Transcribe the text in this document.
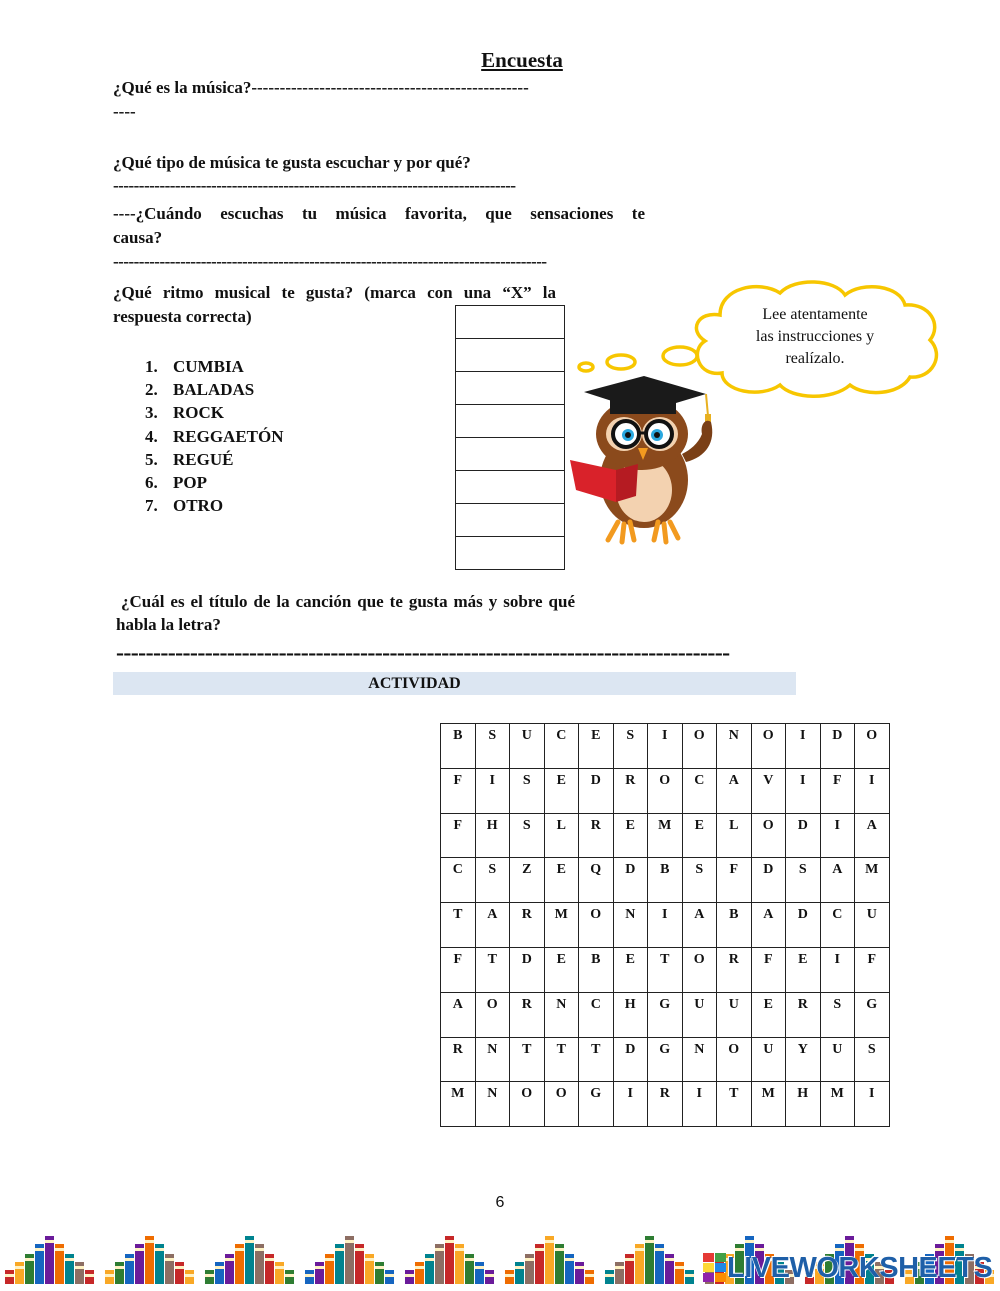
Encuesta
¿Qué es la música?-------------------------------------------------
----
¿Qué tipo de música te gusta escuchar y por qué?
------------------------------------------------------------------------------
----¿Cuándo escuchas tu música favorita, que sensaciones te
causa?
------------------------------------------------------------------------------------
¿Qué ritmo musical te gusta? (marca con una “X” la
respuesta correcta)
1. CUMBIA
2. BALADAS
3. ROCK
4. REGGAETÓN
5. REGUÉ
6. POP
7. OTRO
Lee atentamente
las instrucciones y
realízalo.
¿Cuál es el título de la canción que te gusta más y sobre qué
habla la letra?
-----------------------------------------------------------------------------------
ACTIVIDAD
B	S	U	C	E	S	I	O	N	O	I	D	O
F	I	S	E	D	R	O	C	A	V	I	F	I
F	H	S	L	R	E	M	E	L	O	D	I	A
C	S	Z	E	Q	D	B	S	F	D	S	A	M
T	A	R	M	O	N	I	A	B	A	D	C	U
F	T	D	E	B	E	T	O	R	F	E	I	F
A	O	R	N	C	H	G	U	U	E	R	S	G
R	N	T	T	T	D	G	N	O	U	Y	U	S
M	N	O	O	G	I	R	I	T	M	H	M	I
6
LIVEWORKSHEETS
